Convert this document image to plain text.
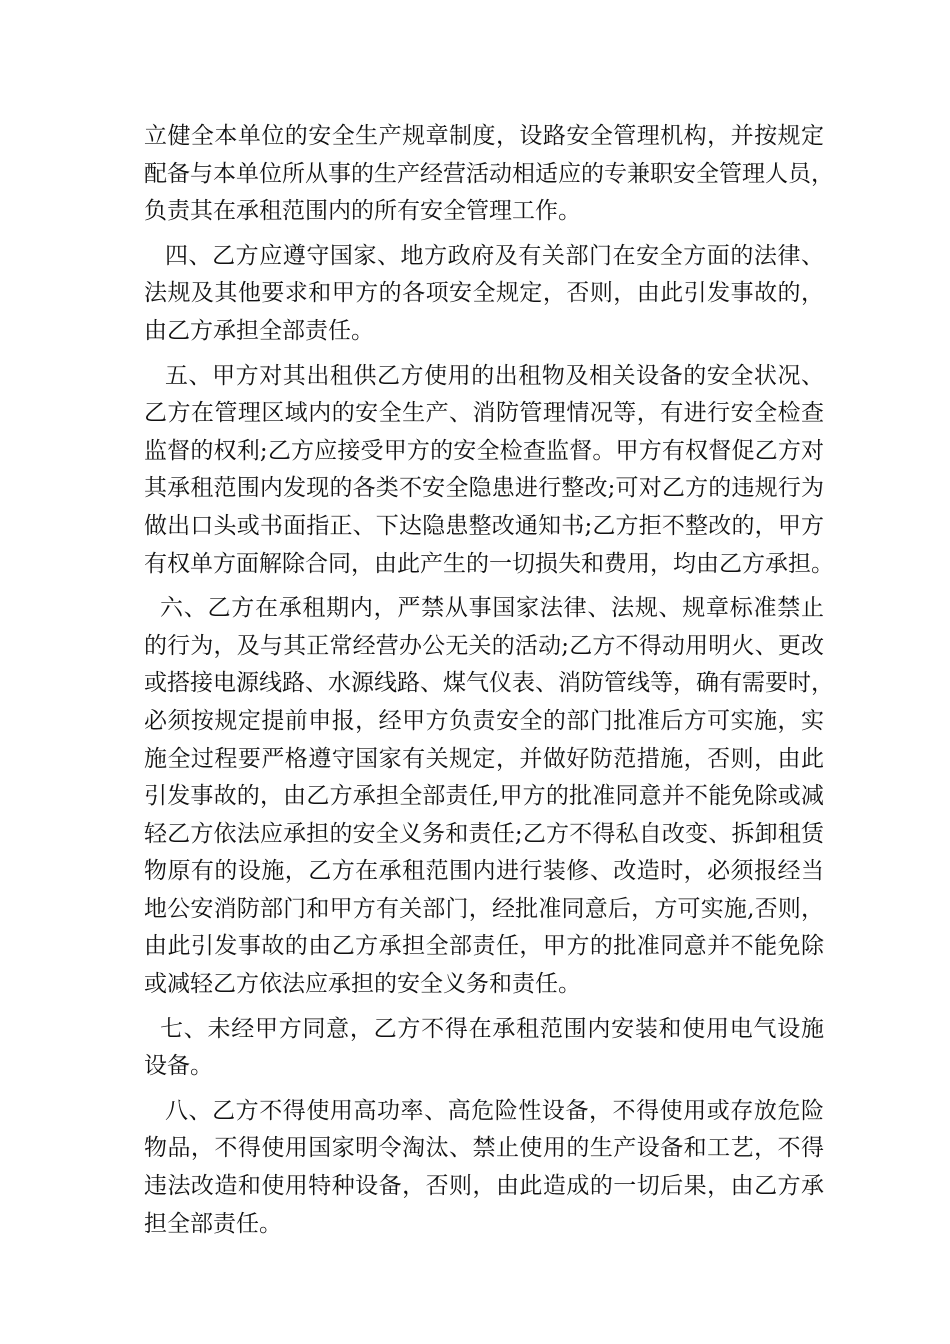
立健全本单位的安全生产规章制度，设路安全管理机构，并按规定
配备与本单位所从事的生产经营活动相适应的专兼职安全管理人员，
负责其在承租范围内的所有安全管理工作。
四、乙方应遵守国家、地方政府及有关部门在安全方面的法律、
法规及其他要求和甲方的各项安全规定，否则，由此引发事故的，
由乙方承担全部责任。
五、甲方对其出租供乙方使用的出租物及相关设备的安全状况、
乙方在管理区域内的安全生产、消防管理情况等，有进行安全检查
监督的权利;乙方应接受甲方的安全检查监督。甲方有权督促乙方对
其承租范围内发现的各类不安全隐患进行整改;可对乙方的违规行为
做出口头或书面指正、下达隐患整改通知书;乙方拒不整改的，甲方
有权单方面解除合同，由此产生的一切损失和费用，均由乙方承担。
六、乙方在承租期内，严禁从事国家法律、法规、规章标准禁止
的行为，及与其正常经营办公无关的活动;乙方不得动用明火、更改
或搭接电源线路、水源线路、煤气仪表、消防管线等，确有需要时，
必须按规定提前申报，经甲方负责安全的部门批准后方可实施，实
施全过程要严格遵守国家有关规定，并做好防范措施，否则，由此
引发事故的，由乙方承担全部责任,甲方的批准同意并不能免除或减
轻乙方依法应承担的安全义务和责任;乙方不得私自改变、拆卸租赁
物原有的设施，乙方在承租范围内进行装修、改造时，必须报经当
地公安消防部门和甲方有关部门，经批准同意后，方可实施,否则，
由此引发事故的由乙方承担全部责任，甲方的批准同意并不能免除
或减轻乙方依法应承担的安全义务和责任。
七、未经甲方同意，乙方不得在承租范围内安装和使用电气设施
设备。
八、乙方不得使用高功率、高危险性设备，不得使用或存放危险
物品，不得使用国家明令淘汰、禁止使用的生产设备和工艺，不得
违法改造和使用特种设备，否则，由此造成的一切后果，由乙方承
担全部责任。
